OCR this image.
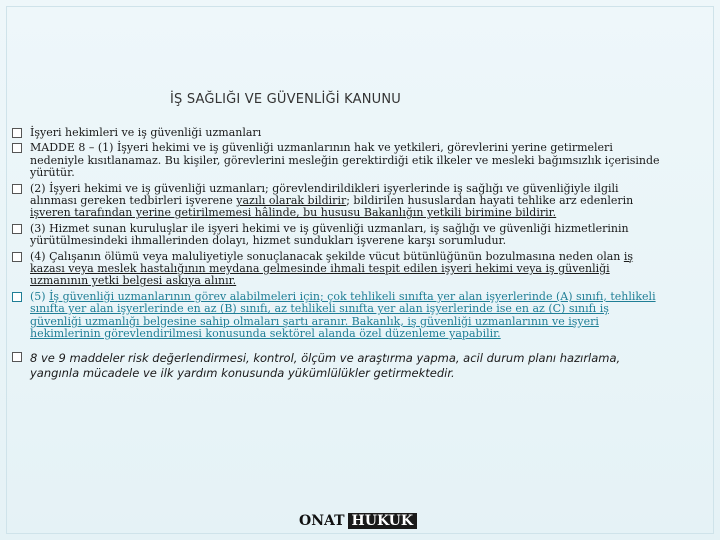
İŞ SAĞLIĞI VE GÜVENLİĞİ KANUNU
İşyeri hekimleri ve iş güvenliği uzmanları
MADDE 8 – (1) İşyeri hekimi ve iş güvenliği uzmanlarının hak ve yetkileri, görevlerini yerine getirmeleri nedeniyle kısıtlanamaz. Bu kişiler, görevlerini mesleğin gerektirdiği etik ilkeler ve mesleki bağımsızlık içerisinde yürütür.
(2) İşyeri hekimi ve iş güvenliği uzmanları; görevlendirildikleri işyerlerinde iş sağlığı ve güvenliğiyle ilgili alınması gereken tedbirleri işverene yazılı olarak bildirir; bildirilen hususlardan hayati tehlike arz edenlerin işveren tarafından yerine getirilmemesi hâlinde, bu hususu Bakanlığın yetkili birimine bildirir.
(3) Hizmet sunan kuruluşlar ile işyeri hekimi ve iş güvenliği uzmanları, iş sağlığı ve güvenliği hizmetlerinin yürütülmesindeki ihmallerinden dolayı, hizmet sundukları işverene karşı sorumludur.
(4) Çalışanın ölümü veya maluliyetiyle sonuçlanacak şekilde vücut bütünlüğünün bozulmasına neden olan iş kazası veya meslek hastalığının meydana gelmesinde ihmali tespit edilen işyeri hekimi veya iş güvenliği uzmanının yetki belgesi askıya alınır.
(5) İş güvenliği uzmanlarının görev alabilmeleri için; çok tehlikeli sınıfta yer alan işyerlerinde (A) sınıfı, tehlikeli sınıfta yer alan işyerlerinde en az (B) sınıfı, az tehlikeli sınıfta yer alan işyerlerinde ise en az (C) sınıfı iş güvenliği uzmanlığı belgesine sahip olmaları şartı aranır. Bakanlık, iş güvenliği uzmanlarının ve işyeri hekimlerinin görevlendirilmesi konusunda sektörel alanda özel düzenleme yapabilir.
8 ve 9 maddeler risk değerlendirmesi, kontrol, ölçüm ve araştırma yapma, acil durum planı hazırlama, yangınla mücadele ve ilk yardım konusunda yükümlülükler getirmektedir.
ONAT HUKUK
